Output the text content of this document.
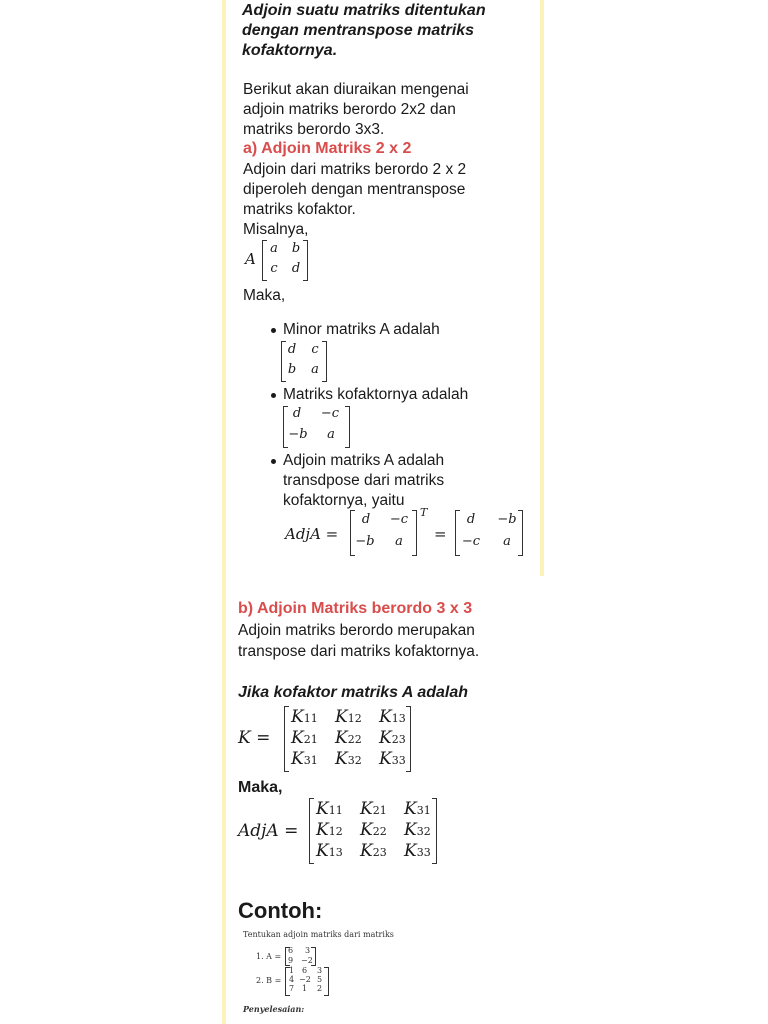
Adjoin suatu matriks ditentukan
dengan mentranspose matriks
kofaktornya.
Berikut akan diuraikan mengenai
adjoin matriks berordo 2x2 dan
matriks berordo 3x3.
a) Adjoin Matriks 2 x 2
Adjoin dari matriks berordo 2 x 2
diperoleh dengan mentranspose
matriks kofaktor.
Misalnya,
A
a b
c d
Maka,
Minor matriks A adalah
d c
b a
Matriks kofaktornya adalah
d	−c
−b a
Adjoin matriks A adalah
transdpose dari matriks
kofaktornya, yaitu
AdjA =
d	−c
−b a
T
=
d −b
−c	a
b) Adjoin Matriks berordo 3 x 3
Adjoin matriks berordo merupakan
transpose dari matriks kofaktornya.
Jika kofaktor matriks A adalah
K =
Maka,
AdjA =
Contoh:
Tentukan adjoin matriks dari matriks
1. A =
6 3
9 −2
2. B =
Penyelesaian:
K11 K12 K13
K21 K22 K23
K31 K32 K33
K11 K21 K31
K12 K22 K32
K13 K23 K33
1 6 3
4 −2 5
7 1 2
